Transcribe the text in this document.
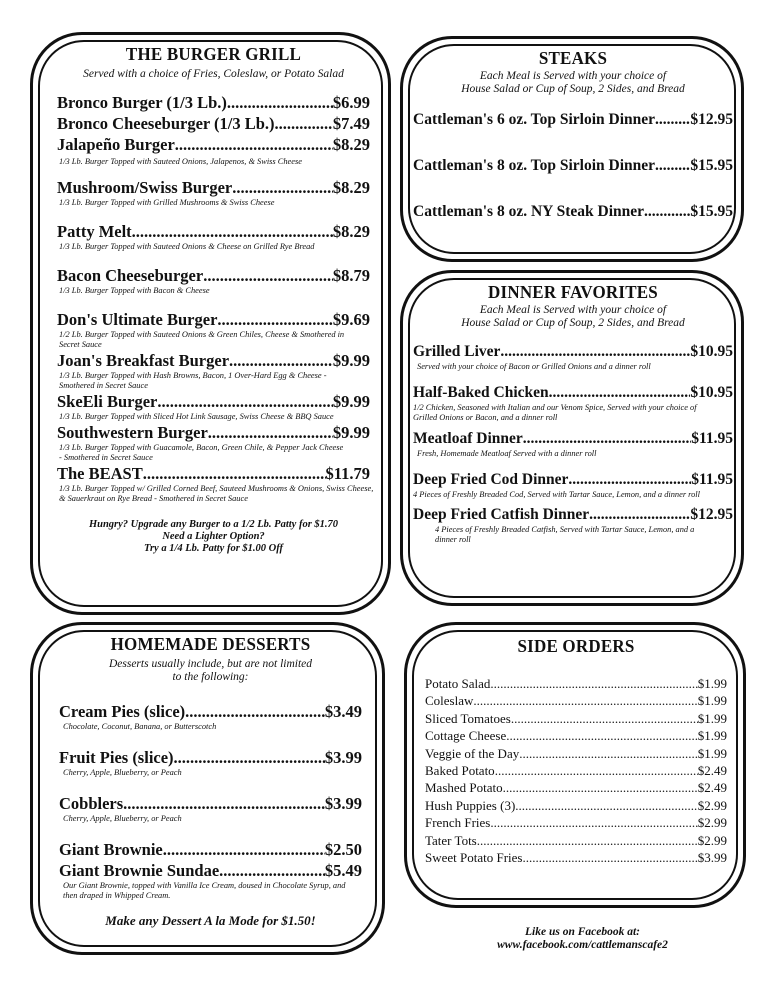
THE BURGER GRILL

Served with a choice of Fries, Coleslaw, or Potato Salad

Bronco Burger (1/3 Lb.) .....	$6.99
Bronco Cheeseburger (1/3 Lb.) .....	$7.49
Jalapeño Burger .....	$8.29

1/3 Lb. Burger Topped with Sauteed Onions, Jalapenos, & Swiss Cheese

Mushroom/Swiss Burger .....	$8.29

1/3 Lb. Burger Topped with Grilled Mushrooms & Swiss Cheese

Patty Melt .....	$8.29

1/3 Lb. Burger Topped with Sauteed Onions & Cheese on Grilled Rye Bread

Bacon Cheeseburger .....	$8.79

1/3 Lb. Burger Topped with Bacon & Cheese

Don's Ultimate Burger .....	$9.69

1/2 Lb. Burger Topped with Sauteed Onions & Green Chiles, Cheese & Smothered in Secret Sauce

Joan's Breakfast Burger .....	$9.99

1/3 Lb. Burger Topped with Hash Browns, Bacon, 1 Over-Hard Egg & Cheese - Smothered in Secret Sauce

SkeEli Burger .....	$9.99

1/3 Lb. Burger Topped with Sliced Hot Link Sausage, Swiss Cheese & BBQ Sauce

Southwestern Burger .....	$9.99

1/3 Lb. Burger Topped with Guacamole, Bacon, Green Chile, & Pepper Jack Cheese - Smothered in Secret Sauce

The BEAST .....	$11.79

1/3 Lb. Burger Topped w/ Grilled Corned Beef, Sauteed Mushrooms & Onions, Swiss Cheese, & Sauerkraut on Rye Bread - Smothered in Secret Sauce

Hungry? Upgrade any Burger to a 1/2 Lb. Patty for $1.70
Need a Lighter Option?
Try a 1/4 Lb. Patty for $1.00 Off

STEAKS

Each Meal is Served with your choice of

House Salad or Cup of Soup, 2 Sides, and Bread

Cattleman's 6 oz. Top Sirloin Dinner ..... $12.95
Cattleman's 8 oz. Top Sirloin Dinner ..... $15.95
Cattleman's 8 oz. NY Steak Dinner .....	$15.95

DINNER FAVORITES

Each Meal is Served with your choice of

House Salad or Cup of Soup, 2 Sides, and Bread

Grilled Liver .....	$10.95

Served with your choice of Bacon or Grilled Onions and a dinner roll

Half-Baked Chicken .....	$10.95

1/2 Chicken, Seasoned with Italian and our Venom Spice, Served with your choice of Grilled Onions or Bacon, and a dinner roll

Meatloaf Dinner .....	$11.95

Fresh, Homemade Meatloaf Served with a dinner roll

Deep Fried Cod Dinner .....	$11.95

4 Pieces of Freshly Breaded Cod, Served with Tartar Sauce, Lemon, and a dinner roll

Deep Fried Catfish Dinner .....	$12.95

4 Pieces of Freshly Breaded Catfish, Served with Tartar Sauce, Lemon, and a dinner roll

HOMEMADE DESSERTS

Desserts usually include, but are not limited

to the following:

Cream Pies (slice) .....	$3.49

Chocolate, Coconut, Banana, or Butterscotch

Fruit Pies (slice) .....	$3.99

Cherry, Apple, Blueberry, or Peach

Cobblers .....	$3.99

Cherry, Apple, Blueberry, or Peach

Giant Brownie .....	$2.50
Giant Brownie Sundae .....	$5.49

Our Giant Brownie, topped with Vanilla Ice Cream, doused in Chocolate Syrup, and then draped in Whipped Cream.

Make any Dessert A la Mode for $1.50!

SIDE ORDERS

Potato Salad .....	$1.99
Coleslaw .....	$1.99
Sliced Tomatoes .....	$1.99
Cottage Cheese .....	$1.99
Veggie of the Day .....	$1.99
Baked Potato .....	$2.49
Mashed Potato .....	$2.49
Hush Puppies (3) .....	$2.99
French Fries .....	$2.99
Tater Tots .....	$2.99
Sweet Potato Fries .....	$3.99
Like us on Facebook at:
www.facebook.com/cattlemanscafe2
